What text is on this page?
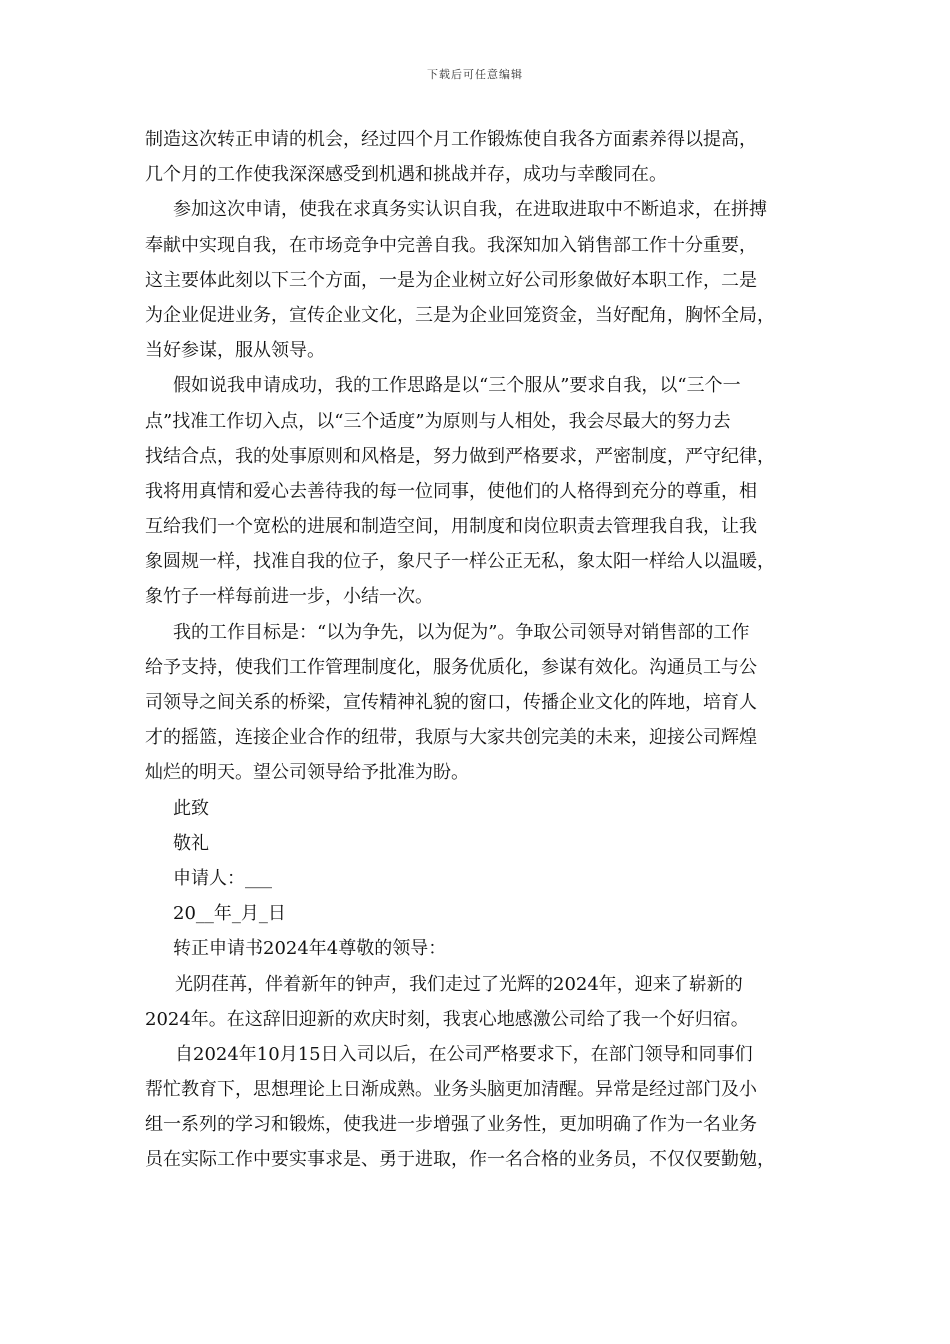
下载后可任意编辑
制造这次转正申请的机会，经过四个月工作锻炼使自我各方面素养得以提高，
几个月的工作使我深深感受到机遇和挑战并存，成功与幸酸同在。
参加这次申请，使我在求真务实认识自我，在进取进取中不断追求，在拼搏
奉献中实现自我，在市场竞争中完善自我。我深知加入销售部工作十分重要，
这主要体此刻以下三个方面，一是为企业树立好公司形象做好本职工作，二是
为企业促进业务，宣传企业文化，三是为企业回笼资金，当好配角，胸怀全局，
当好参谋，服从领导。
假如说我申请成功，我的工作思路是以“三个服从”要求自我，以“三个一
点”找准工作切入点，以“三个适度”为原则与人相处，我会尽最大的努力去
找结合点，我的处事原则和风格是，努力做到严格要求，严密制度，严守纪律，
我将用真情和爱心去善待我的每一位同事，使他们的人格得到充分的尊重，相
互给我们一个宽松的进展和制造空间，用制度和岗位职责去管理我自我，让我
象圆规一样，找准自我的位子，象尺子一样公正无私，象太阳一样给人以温暖，
象竹子一样每前进一步，小结一次。
我的工作目标是：“以为争先，以为促为”。争取公司领导对销售部的工作
给予支持，使我们工作管理制度化，服务优质化，参谋有效化。沟通员工与公
司领导之间关系的桥梁，宣传精神礼貌的窗口，传播企业文化的阵地，培育人
才的摇篮，连接企业合作的纽带，我原与大家共创完美的未来，迎接公司辉煌
灿烂的明天。望公司领导给予批准为盼。
此致
敬礼
申请人：___
20__年_月_日
转正申请书2024年4尊敬的领导：
光阴荏苒，伴着新年的钟声，我们走过了光辉的2024年，迎来了崭新的
2024年。在这辞旧迎新的欢庆时刻，我衷心地感激公司给了我一个好归宿。
自2024年10月15日入司以后，在公司严格要求下，在部门领导和同事们
帮忙教育下，思想理论上日渐成熟。业务头脑更加清醒。异常是经过部门及小
组一系列的学习和锻炼，使我进一步增强了业务性，更加明确了作为一名业务
员在实际工作中要实事求是、勇于进取，作一名合格的业务员，不仅仅要勤勉，
